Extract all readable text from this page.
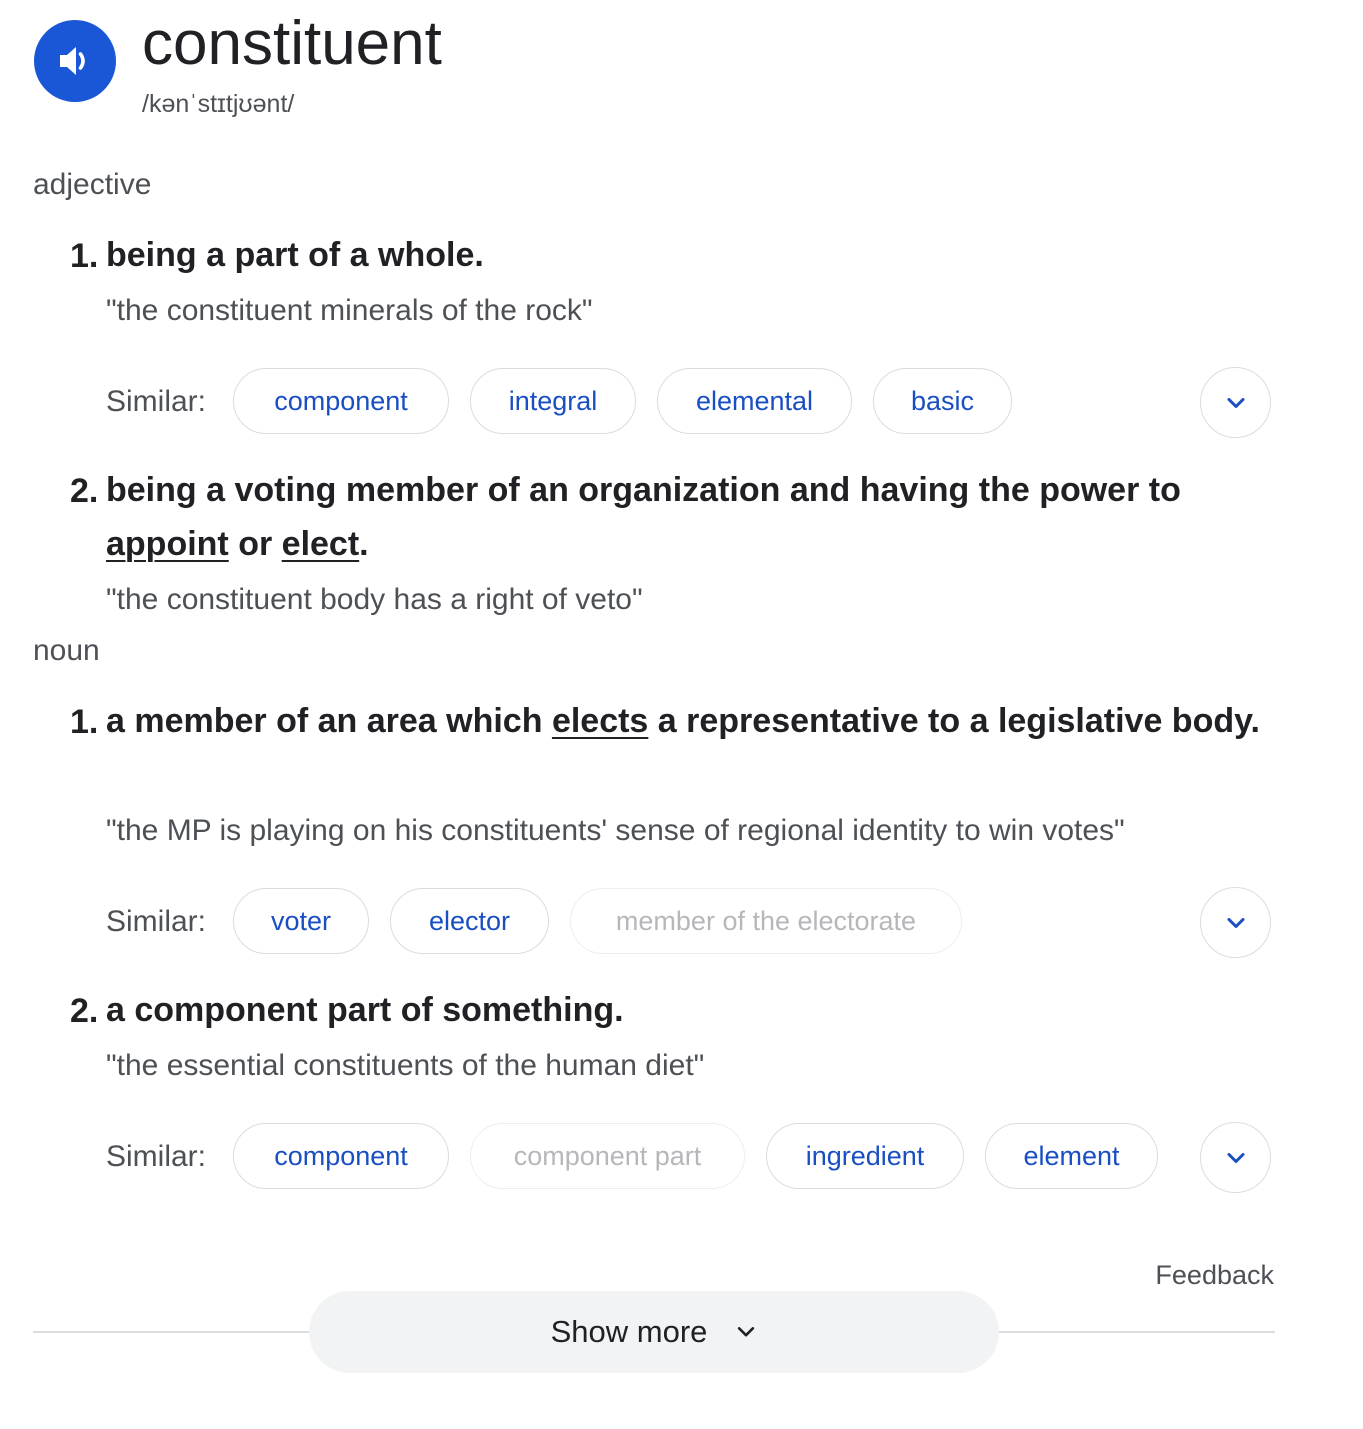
constituent
/kənˈstɪtjʊənt/
adjective
1. being a part of a whole.
"the constituent minerals of the rock"
Similar:	component	integral	elemental	basic
2. being a voting member of an organization and having the power to appoint or elect.
"the constituent body has a right of veto"
noun
1. a member of an area which elects a representative to a legislative body.
"the MP is playing on his constituents' sense of regional identity to win votes"
Similar:	voter	elector	member of the electorate
2. a component part of something.
"the essential constituents of the human diet"
Similar:	component	component part	ingredient	element
Feedback
Show more
